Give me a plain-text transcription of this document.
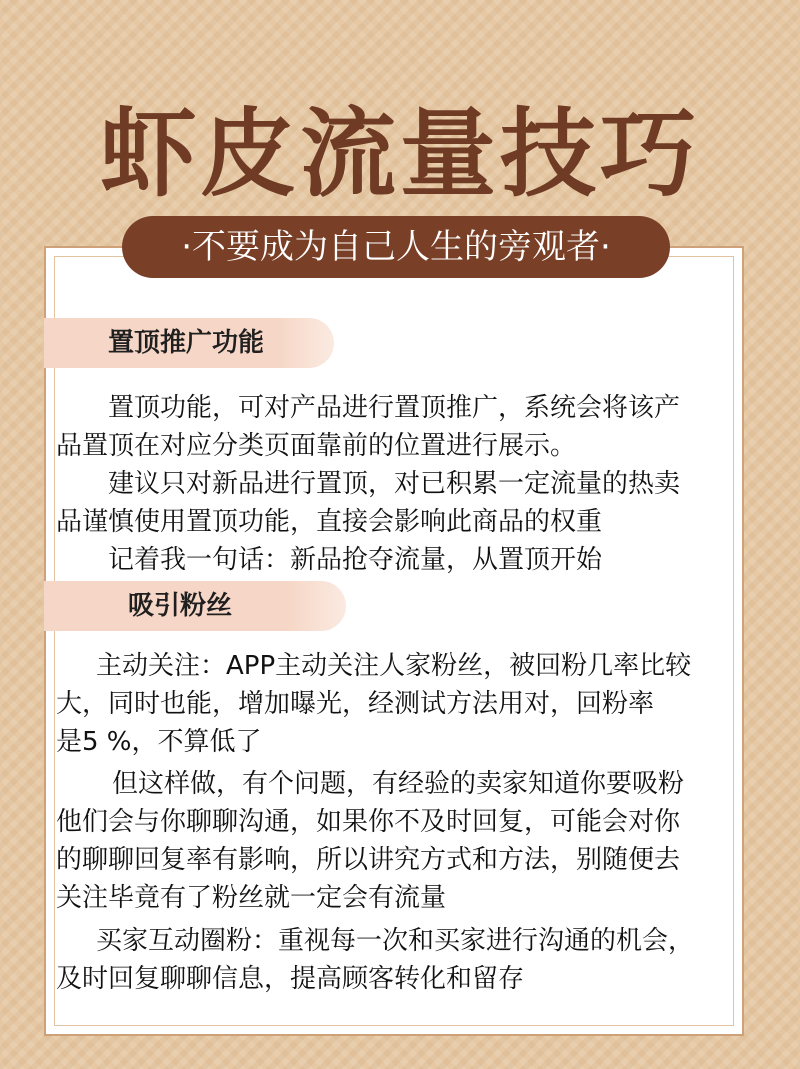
虾皮流量技巧
·不要成为自己人生的旁观者·
置顶推广功能
置顶功能，可对产品进行置顶推广，系统会将该产
品置顶在对应分类页面靠前的位置进行展示。
建议只对新品进行置顶，对已积累一定流量的热卖
品谨慎使用置顶功能，直接会影响此商品的权重
记着我一句话：新品抢夺流量，从置顶开始
吸引粉丝
主动关注：APP主动关注人家粉丝，被回粉几率比较
大，同时也能，增加曝光，经测试方法用对，回粉率
是5 %，不算低了
但这样做，有个问题，有经验的卖家知道你要吸粉
他们会与你聊聊沟通，如果你不及时回复，可能会对你
的聊聊回复率有影响，所以讲究方式和方法，别随便去
关注毕竟有了粉丝就一定会有流量
买家互动圈粉：重视每一次和买家进行沟通的机会，
及时回复聊聊信息，提高顾客转化和留存
